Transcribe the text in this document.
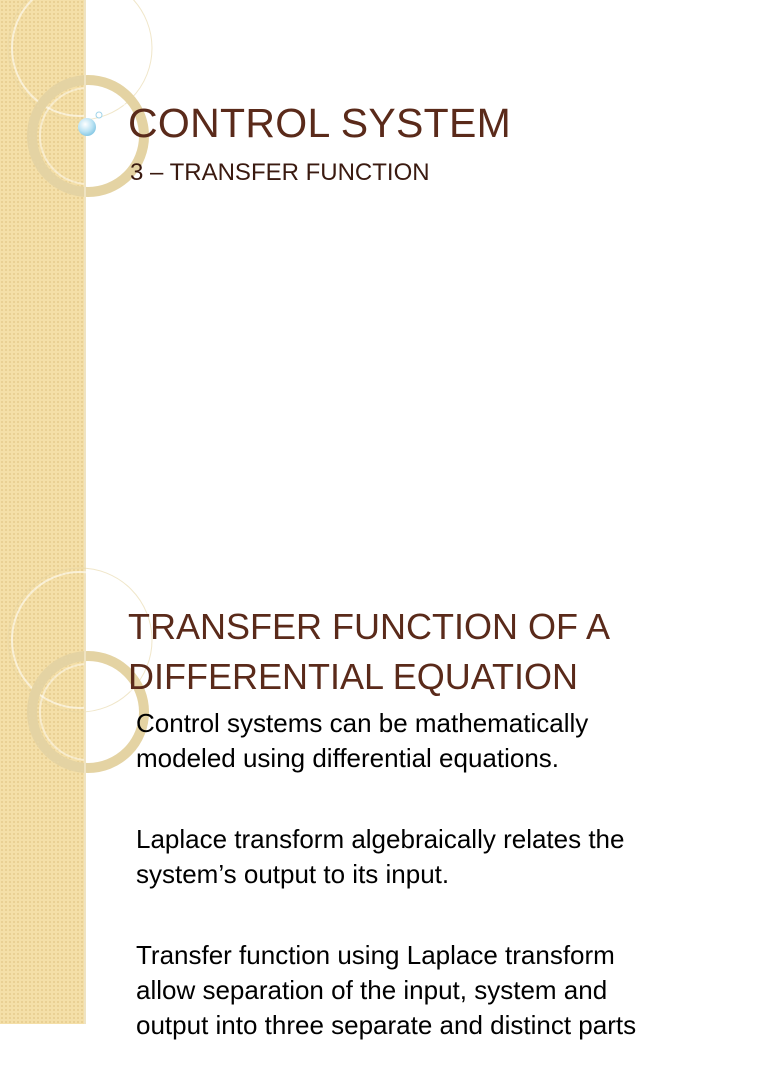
CONTROL SYSTEM
3 – TRANSFER FUNCTION
TRANSFER FUNCTION OF A
DIFFERENTIAL EQUATION
Control systems can be mathematically
modeled using differential equations.
Laplace transform algebraically relates the
system’s output to its input.
Transfer function using Laplace transform
allow separation of the input, system and
output into three separate and distinct parts
